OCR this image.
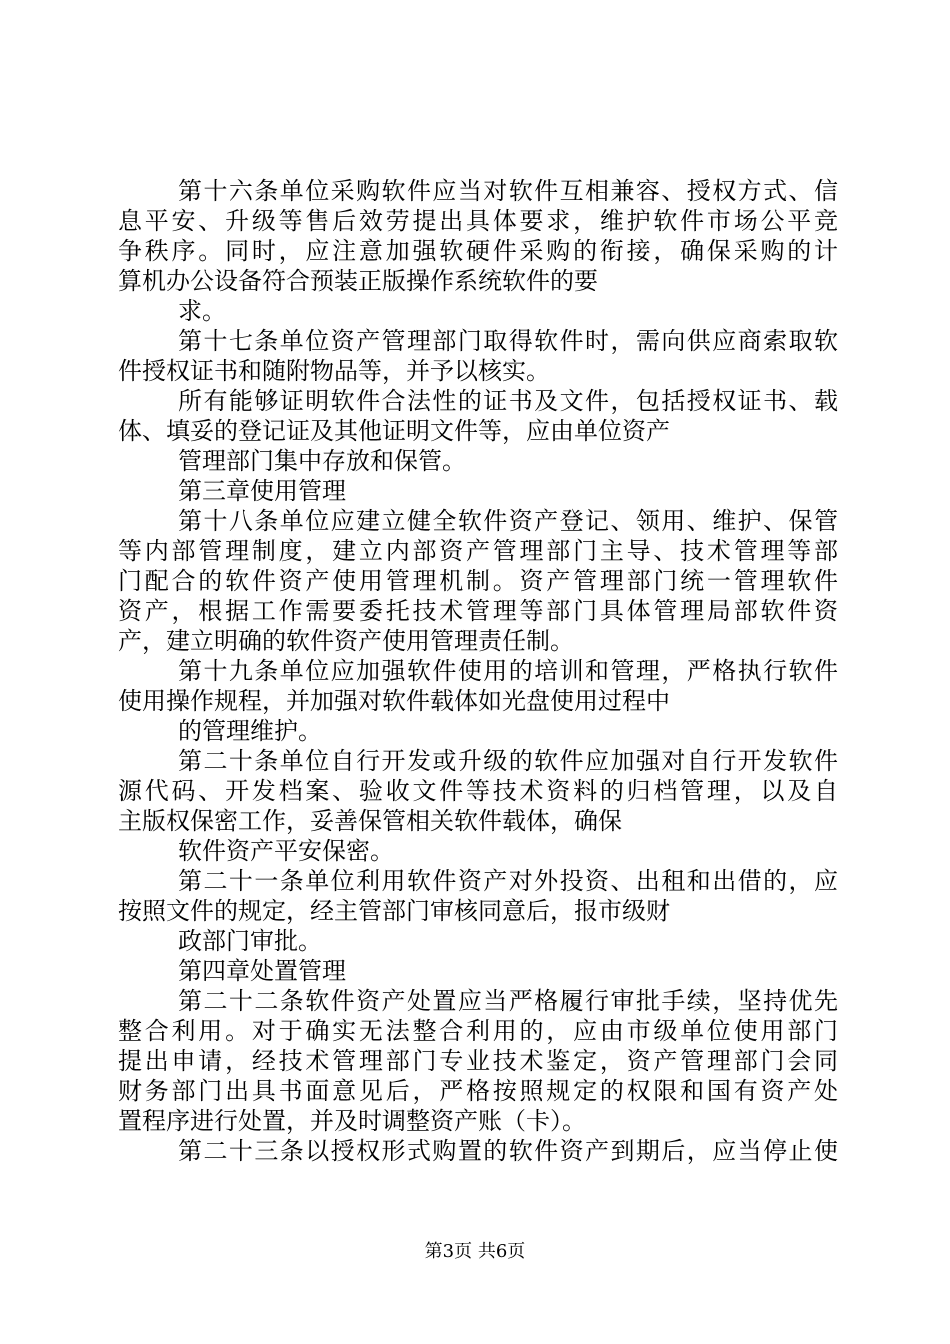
第十六条单位采购软件应当对软件互相兼容、授权方式、信
息平安、升级等售后效劳提出具体要求，维护软件市场公平竞
争秩序。同时，应注意加强软硬件采购的衔接，确保采购的计
算机办公设备符合预装正版操作系统软件的要
求。
第十七条单位资产管理部门取得软件时，需向供应商索取软
件授权证书和随附物品等，并予以核实。
所有能够证明软件合法性的证书及文件，包括授权证书、载
体、填妥的登记证及其他证明文件等，应由单位资产
管理部门集中存放和保管。
第三章使用管理
第十八条单位应建立健全软件资产登记、领用、维护、保管
等内部管理制度，建立内部资产管理部门主导、技术管理等部
门配合的软件资产使用管理机制。资产管理部门统一管理软件
资产，根据工作需要委托技术管理等部门具体管理局部软件资
产，建立明确的软件资产使用管理责任制。
第十九条单位应加强软件使用的培训和管理，严格执行软件
使用操作规程，并加强对软件载体如光盘使用过程中
的管理维护。
第二十条单位自行开发或升级的软件应加强对自行开发软件
源代码、开发档案、验收文件等技术资料的归档管理，以及自
主版权保密工作，妥善保管相关软件载体，确保
软件资产平安保密。
第二十一条单位利用软件资产对外投资、出租和出借的，应
按照文件的规定，经主管部门审核同意后，报市级财
政部门审批。
第四章处置管理
第二十二条软件资产处置应当严格履行审批手续，坚持优先
整合利用。对于确实无法整合利用的，应由市级单位使用部门
提出申请，经技术管理部门专业技术鉴定，资产管理部门会同
财务部门出具书面意见后，严格按照规定的权限和国有资产处
置程序进行处置，并及时调整资产账（卡）。
第二十三条以授权形式购置的软件资产到期后，应当停止使
第3页 共6页
